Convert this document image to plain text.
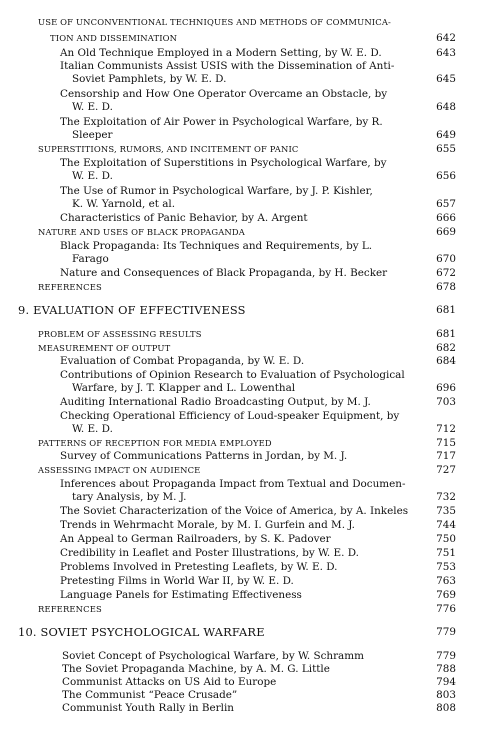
USE OF UNCONVENTIONAL TECHNIQUES AND METHODS OF COMMUNICA-
TION AND DISSEMINATION	642
An Old Technique Employed in a Modern Setting, by W. E. D.	643
Italian Communists Assist USIS with the Dissemination of Anti-
Soviet Pamphlets, by W. E. D.	645
Censorship and How One Operator Overcame an Obstacle, by
W. E. D.	648
The Exploitation of Air Power in Psychological Warfare, by R.
Sleeper	649
SUPERSTITIONS, RUMORS, AND INCITEMENT OF PANIC	655
The Exploitation of Superstitions in Psychological Warfare, by
W. E. D.	656
The Use of Rumor in Psychological Warfare, by J. P. Kishler,
K. W. Yarnold, et al.	657
Characteristics of Panic Behavior, by A. Argent	666
NATURE AND USES OF BLACK PROPAGANDA	669
Black Propaganda: Its Techniques and Requirements, by L.
Farago	670
Nature and Consequences of Black Propaganda, by H. Becker	672
REFERENCES	678
9. EVALUATION OF EFFECTIVENESS	681
PROBLEM OF ASSESSING RESULTS	681
MEASUREMENT OF OUTPUT	682
Evaluation of Combat Propaganda, by W. E. D.	684
Contributions of Opinion Research to Evaluation of Psychological
Warfare, by J. T. Klapper and L. Lowenthal	696
Auditing International Radio Broadcasting Output, by M. J.	703
Checking Operational Efficiency of Loud-speaker Equipment, by
W. E. D.	712
PATTERNS OF RECEPTION FOR MEDIA EMPLOYED	715
Survey of Communications Patterns in Jordan, by M. J.	717
ASSESSING IMPACT ON AUDIENCE	727
Inferences about Propaganda Impact from Textual and Documen-
tary Analysis, by M. J.	732
The Soviet Characterization of the Voice of America, by A. Inkeles	735
Trends in Wehrmacht Morale, by M. I. Gurfein and M. J.	744
An Appeal to German Railroaders, by S. K. Padover	750
Credibility in Leaflet and Poster Illustrations, by W. E. D.	751
Problems Involved in Pretesting Leaflets, by W. E. D.	753
Pretesting Films in World War II, by W. E. D.	763
Language Panels for Estimating Effectiveness	769
REFERENCES	776
10. SOVIET PSYCHOLOGICAL WARFARE	779
Soviet Concept of Psychological Warfare, by W. Schramm	779
The Soviet Propaganda Machine, by A. M. G. Little	788
Communist Attacks on US Aid to Europe	794
The Communist “Peace Crusade”	803
Communist Youth Rally in Berlin	808
